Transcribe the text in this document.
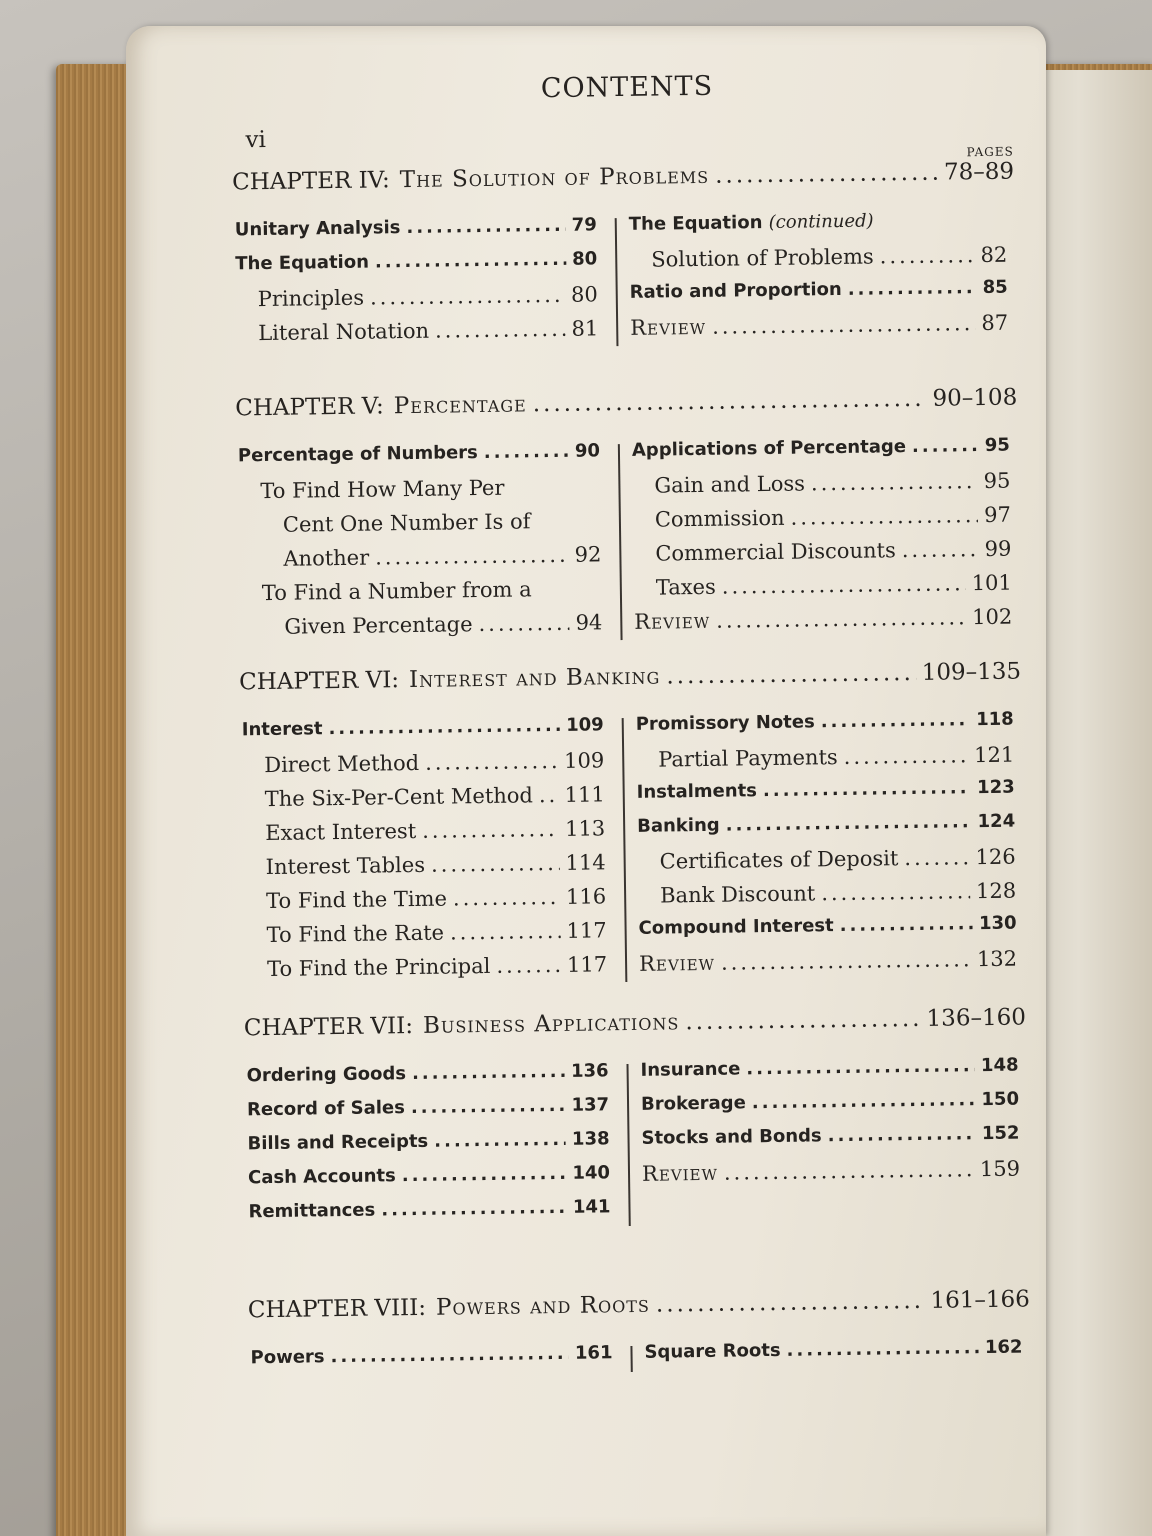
CONTENTS
vi	PAGES
CHAPTER IV: The Solution of Problems .....	78–89
Unitary Analysis .....	79
The Equation .....	80
Principles .....	80
Literal Notation .....	81
The Equation (continued)
Solution of Problems .....	82
Ratio and Proportion .....	85
Review .....	87
CHAPTER V: Percentage .....	90–108
Percentage of Numbers .....	90
To Find How Many Per
Cent One Number Is of
Another .....	92
To Find a Number from a
Given Percentage .....	94
Applications of Percentage .....	95
Gain and Loss .....	95
Commission .....	97
Commercial Discounts .....	99
Taxes .....	101
Review .....	102
CHAPTER VI: Interest and Banking .....	109–135
Interest .....	109
Direct Method .....	109
The Six-Per-Cent Method ..... 111
Exact Interest .....	113
Interest Tables .....	114
To Find the Time .....	116
To Find the Rate .....	117
To Find the Principal .....	117
Promissory Notes .....	118
Partial Payments .....	121
Instalments .....	123
Banking .....	124
Certificates of Deposit .....	126
Bank Discount .....	128
Compound Interest .....	130
Review .....	132
CHAPTER VII: Business Applications .....	136–160
Ordering Goods .....	136
Record of Sales .....	137
Bills and Receipts .....	138
Cash Accounts .....	140
Remittances .....	141
Insurance .....	148
Brokerage .....	150
Stocks and Bonds .....	152
Review .....	159
CHAPTER VIII: Powers and Roots .....	161–166
Powers .....	161 Square Roots .....	162
